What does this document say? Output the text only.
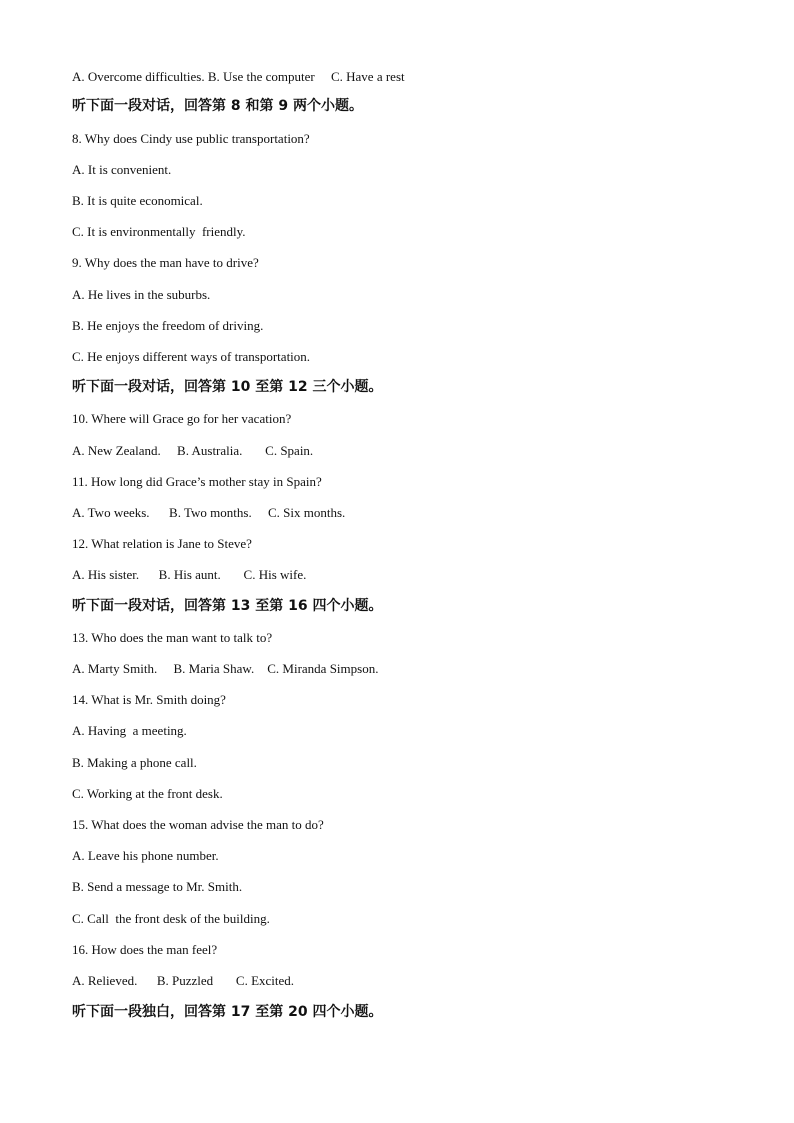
A. Overcome difficulties. B. Use the computer     C. Have a rest
听下面一段对话，回答第 8 和第 9 两个小题。
8. Why does Cindy use public transportation?
A. It is convenient.
B. It is quite economical.
C. It is environmentally  friendly.
9. Why does the man have to drive?
A. He lives in the suburbs.
B. He enjoys the freedom of driving.
C. He enjoys different ways of transportation.
听下面一段对话，回答第 10 至第 12 三个小题。
10. Where will Grace go for her vacation?
A. New Zealand.     B. Australia.       C. Spain.
11. How long did Grace’s mother stay in Spain?
A. Two weeks.      B. Two months.     C. Six months.
12. What relation is Jane to Steve?
A. His sister.      B. His aunt.       C. His wife.
听下面一段对话，回答第 13 至第 16 四个小题。
13. Who does the man want to talk to?
A. Marty Smith.     B. Maria Shaw.    C. Miranda Simpson.
14. What is Mr. Smith doing?
A. Having  a meeting.
B. Making a phone call.
C. Working at the front desk.
15. What does the woman advise the man to do?
A. Leave his phone number.
B. Send a message to Mr. Smith.
C. Call  the front desk of the building.
16. How does the man feel?
A. Relieved.      B. Puzzled       C. Excited.
听下面一段独白，回答第 17 至第 20 四个小题。
